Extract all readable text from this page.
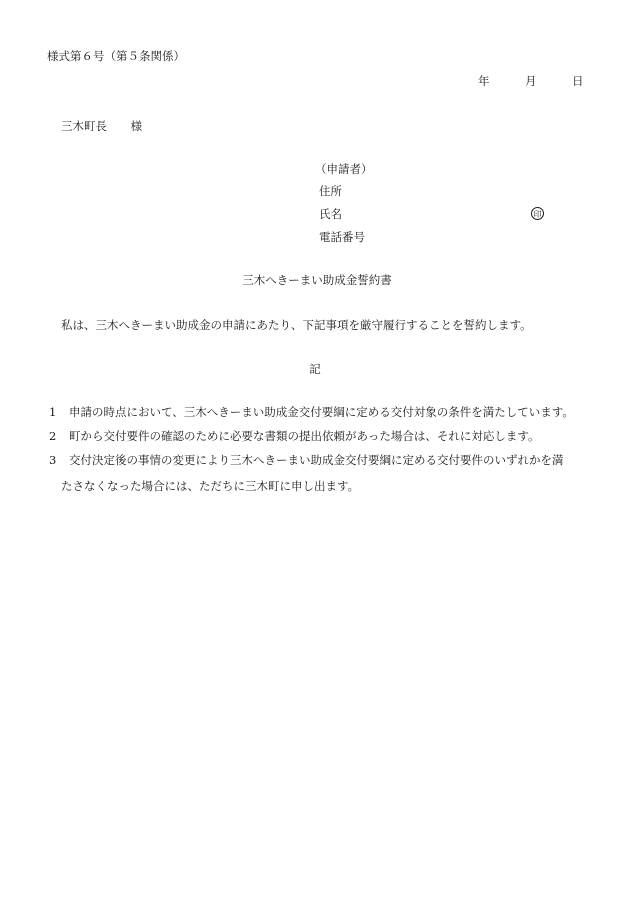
様式第６号（第５条関係）
年	月	日
三木町長 様
（申請者）
住所
氏名	印
電話番号
三木へきーまい助成金誓約書
私は、三木へきーまい助成金の申請にあたり、下記事項を厳守履行することを誓約します。
記
1 申請の時点において、三木へきーまい助成金交付要綱に定める交付対象の条件を満たしています。
2 町から交付要件の確認のために必要な書類の提出依頼があった場合は、それに対応します。
3 交付決定後の事情の変更により三木へきーまい助成金交付要綱に定める交付要件のいずれかを満
たさなくなった場合には、ただちに三木町に申し出ます。
